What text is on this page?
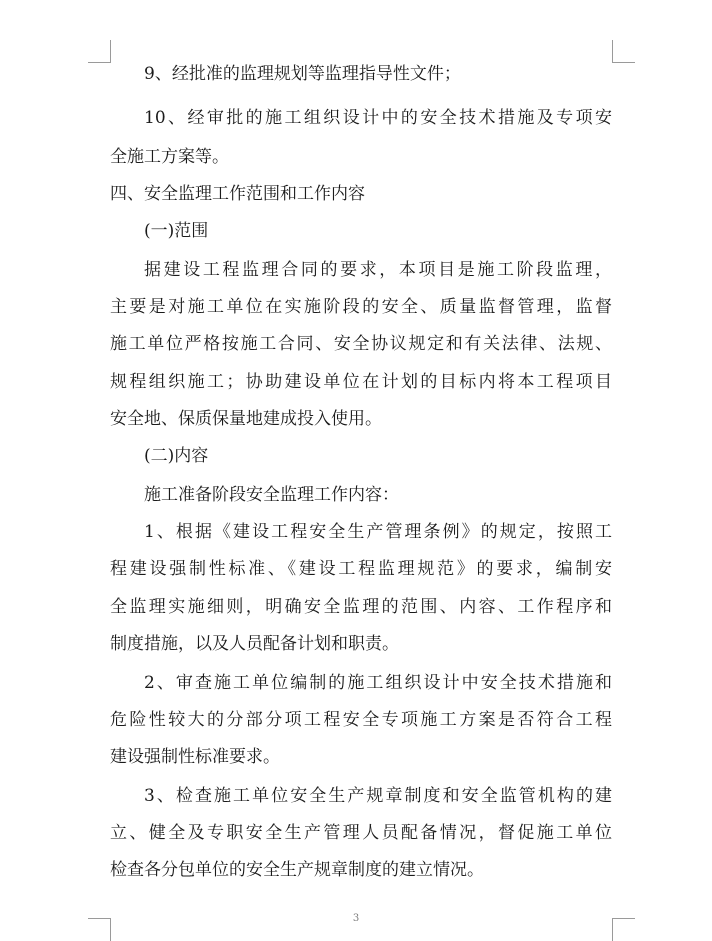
9、经批准的监理规划等监理指导性文件；
10、经审批的施工组织设计中的安全技术措施及专项安
全施工方案等。
四、安全监理工作范围和工作内容
(一)范围
据建设工程监理合同的要求，本项目是施工阶段监理，
主要是对施工单位在实施阶段的安全、质量监督管理，监督
施工单位严格按施工合同、安全协议规定和有关法律、法规、
规程组织施工；协助建设单位在计划的目标内将本工程项目
安全地、保质保量地建成投入使用。
(二)内容
施工准备阶段安全监理工作内容：
1、根据《建设工程安全生产管理条例》的规定，按照工
程建设强制性标准、《建设工程监理规范》的要求，编制安
全监理实施细则，明确安全监理的范围、内容、工作程序和
制度措施，以及人员配备计划和职责。
2、审查施工单位编制的施工组织设计中安全技术措施和
危险性较大的分部分项工程安全专项施工方案是否符合工程
建设强制性标准要求。
3、检查施工单位安全生产规章制度和安全监管机构的建
立、健全及专职安全生产管理人员配备情况，督促施工单位
检查各分包单位的安全生产规章制度的建立情况。
3
